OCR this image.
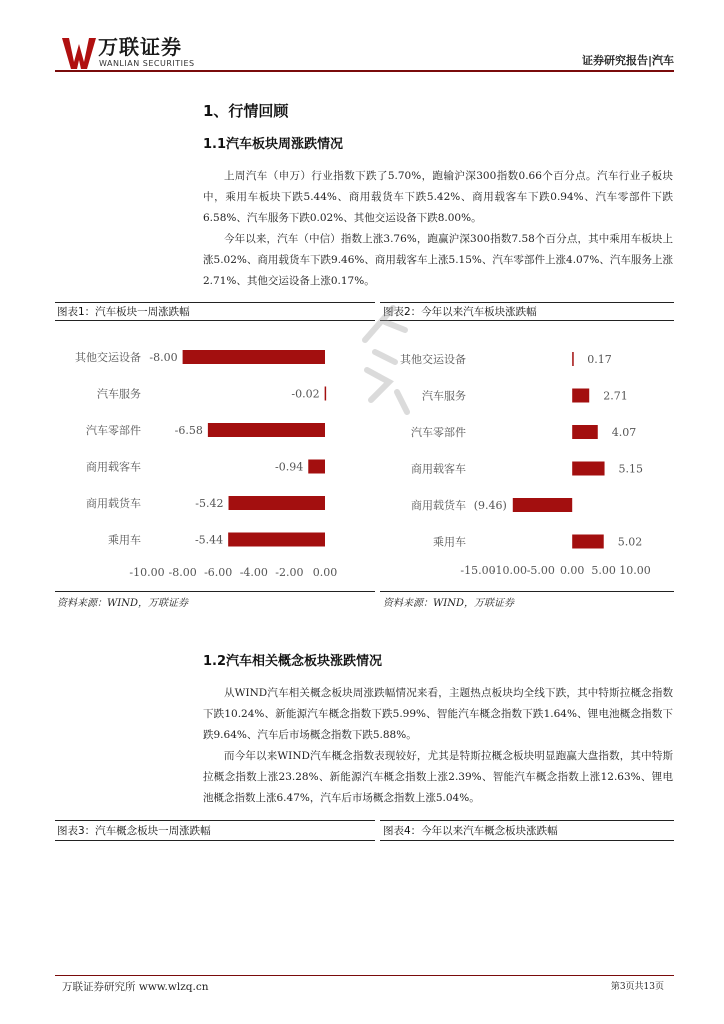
万联证券
WANLIAN SECURITIES	证券研究报告|汽车
1、行情回顾
1.1汽车板块周涨跌情况

上周汽车（申万）行业指数下跌了5.70%，跑输沪深300指数0.66个百分点。汽车行业子板块中，乘用车板块下跌5.44%、商用载货车下跌5.42%、商用载客车下跌0.94%、汽车零部件下跌6.58%、汽车服务下跌0.02%、其他交运设备下跌8.00%。

今年以来，汽车（中信）指数上涨3.76%，跑赢沪深300指数7.58个百分点，其中乘用车板块上涨5.02%、商用载货车下跌9.46%、商用载客车上涨5.15%、汽车零部件上涨4.07%、汽车服务上涨2.71%、其他交运设备上涨0.17%。

图表1：汽车板块一周涨跌幅	图表2：今年以来汽车板块涨跌幅
其他交运设备 -8.00
汽车服务	-0.02
汽车零部件	-6.58
商用载客车	-0.94
商用载货车	-5.42
乘用车	-5.44
-10.00 -8.00 -6.00 -4.00 -2.00 0.00
其他交运设备	0.17
汽车服务	2.71
汽车零部件	4.07
商用载客车	5.15
商用载货车 (9.46)
乘用车	5.02
-15.00
-10.00 -5.00 0.00 5.00 10.00
资料来源：WIND，万联证券	资料来源：WIND，万联证券
1.2汽车相关概念板块涨跌情况

从WIND汽车相关概念板块周涨跌幅情况来看，主题热点板块均全线下跌，其中特斯拉概念指数下跌10.24%、新能源汽车概念指数下跌5.99%、智能汽车概念指数下跌1.64%、锂电池概念指数下跌9.64%、汽车后市场概念指数下跌5.88%。

而今年以来WIND汽车概念指数表现较好，尤其是特斯拉概念板块明显跑赢大盘指数，其中特斯拉概念指数上涨23.28%、新能源汽车概念指数上涨2.39%、智能汽车概念指数上涨12.63%、锂电池概念指数上涨6.47%，汽车后市场概念指数上涨5.04%。

图表3：汽车概念板块一周涨跌幅	图表4：今年以来汽车概念板块涨跌幅
万联证券研究所 www.wlzq.cn	第3页共13页
